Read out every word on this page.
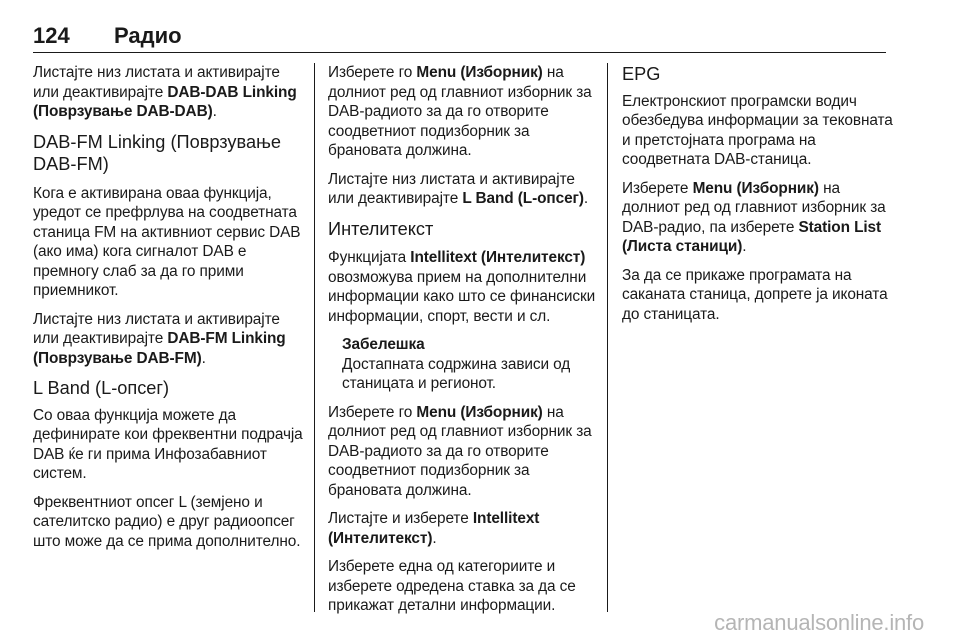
124 Радио

Листајте низ листата и активирајте или деактивирајте DAB-DAB Linking (Поврзување DAB-DAB).

DAB-FM Linking (Поврзување DAB-FM)

Кога е активирана оваа функција, уредот се префрлува на соодветната станица FM на активниот сервис DAB (ако има) кога сигналот DAB е премногу слаб за да го прими приемникот.

Листајте низ листата и активирајте или деактивирајте DAB-FM Linking (Поврзување DAB-FM).

L Band (L-опсег)

Со оваа функција можете да дефинирате кои фреквентни подрачја DAB ќе ги прима Инфозабавниот систем.

Фреквентниот опсег L (земјено и сателитско радио) е друг радиоопсег што може да се прима дополнително.

Изберете го Menu (Изборник) на долниот ред од главниот изборник за DAB-радиото за да го отворите соодветниот подизборник за брановата должина.

Листајте низ листата и активирајте или деактивирајте L Band (L-опсег).

Интелитекст

Функцијата Intellitext (Интелитекст) овозможува прием на дополнителни информации како што се финансиски информации, спорт, вести и сл.

Забелешка
Достапната содржина зависи од станицата и регионот.

Изберете го Menu (Изборник) на долниот ред од главниот изборник за DAB-радиото за да го отворите соодветниот подизборник за брановата должина.

Листајте и изберете Intellitext (Интелитекст).

Изберете една од категориите и изберете одредена ставка за да се прикажат детални информации.

EPG

Електронскиот програмски водич обезбедува информации за тековната и претстојната програма на соодветната DAB-станица.

Изберете Menu (Изборник) на долниот ред од главниот изборник за DAB-радио, па изберете Station List (Листа станици).

За да се прикаже програмата на саканата станица, допрете ја иконата до станицата.

carmanualsonline.info
